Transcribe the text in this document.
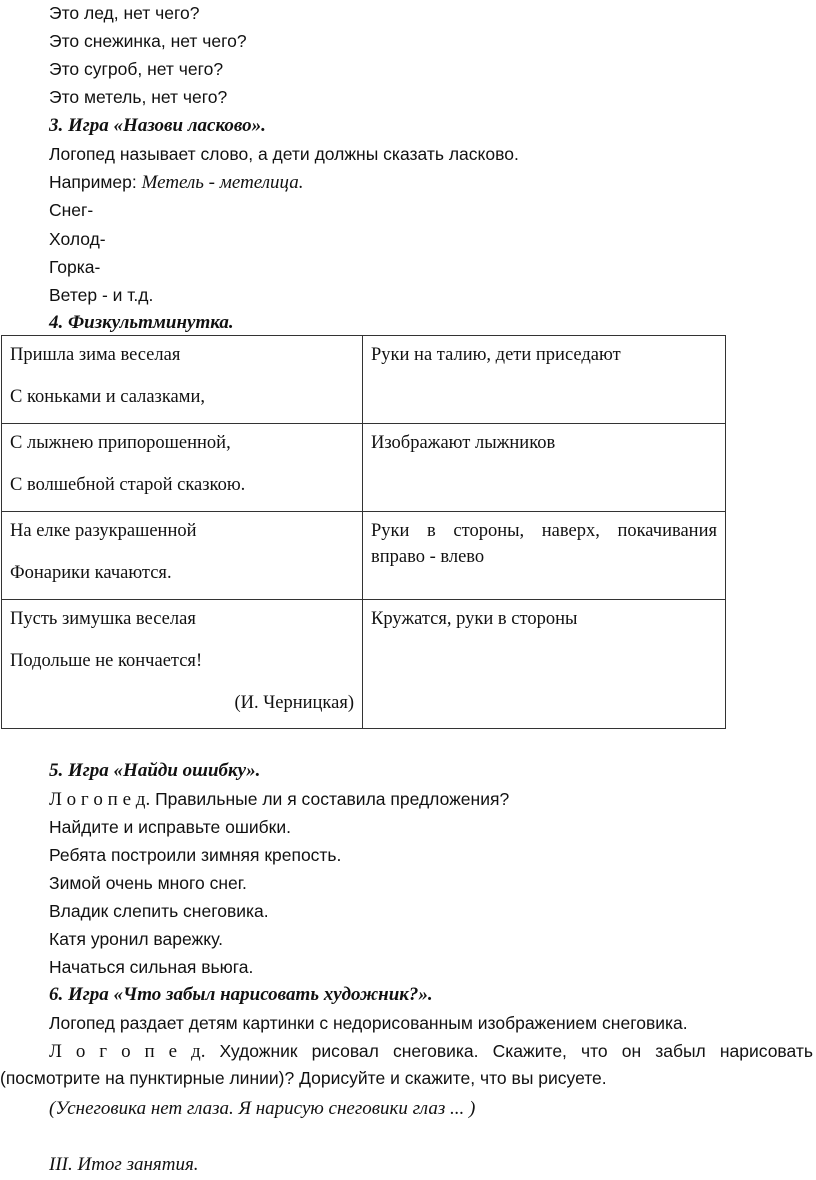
Это лед, нет чего?
Это снежинка, нет чего?
Это сугроб, нет чего?
Это метель, нет чего?
3. Игра «Назови ласково».
Логопед называет слово, а дети должны сказать ласково.
Например: Метель - метелица.
Снег-
Холод-
Горка-
Ветер - и т.д.
4. Физкультминутка.
Пришла зима веселая
С коньками и салазками,	Руки на талию, дети приседают
С лыжнею припорошенной,
С волшебной старой сказкою.	Изображают лыжников
На елке разукрашенной
Фонарики качаются.	Руки в стороны, наверх, покачивания
вправо - влево
Пусть зимушка веселая
Подольше не кончается!
(И. Черницкая)	Кружатся, руки в стороны
5. Игра «Найди ошибку».
Л о г о п е д. Правильные ли я составила предложения?
Найдите и исправьте ошибки.
Ребята построили зимняя крепость.
Зимой очень много снег.
Владик слепить снеговика.
Катя уронил варежку.
Начаться сильная вьюга.
6. Игра «Что забыл нарисовать художник?».
Логопед раздает детям картинки с недорисованным изображением снеговика.
Л о г о п е д. Художник рисовал снеговика. Скажите, что он забыл нарисовать
(посмотрите на пунктирные линии)? Дорисуйте и скажите, что вы рисуете.
(Уснеговика нет глаза. Я нарисую снеговики глаз ... )
III. Итог занятия.
